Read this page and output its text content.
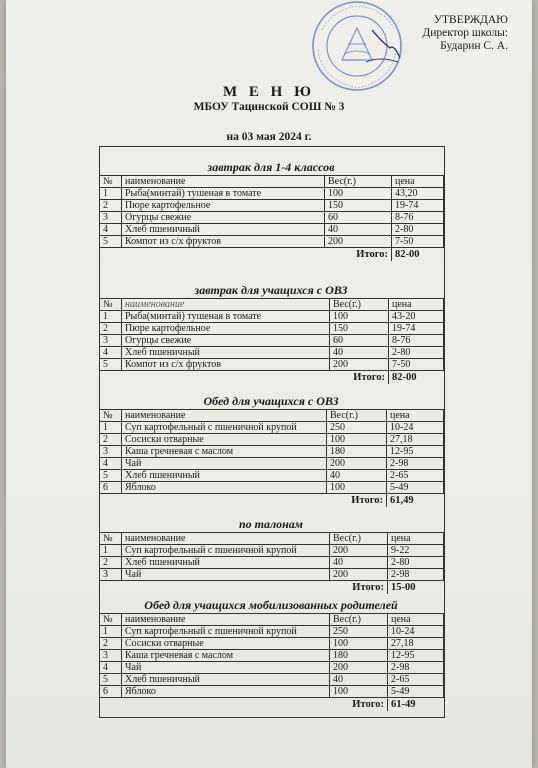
УТВЕРЖДАЮ
Директор школы:
Бударин С. А.
М Е Н Ю
МБОУ Тацинской СОШ № 3
на 03 мая 2024 г.
завтрак для 1-4 классов
№	наименование	Вес(г.)	цена
1	Рыба(минтай) тушеная в томате	100	43,20
2	Пюре картофельное	150	19-74
3	Огурцы свежие	60	8-76
4	Хлеб пшеничный	40	2-80
5	Компот из с/х фруктов	200	7-50
Итого:			82-00
завтрак для учащихся с ОВЗ
№	наименование	Вес(г.)	цена
1	Рыба(минтай) тушеная в томате	100	43-20
2	Пюре картофельное	150	19-74
3	Огурцы свежие	60	8-76
4	Хлеб пшеничный	40	2-80
5	Компот из с/х фруктов	200	7-50
Итого:			82-00
Обед для учащихся с ОВЗ
№	наименование	Вес(г.)	цена
1	Суп картофельный с пшеничной крупой	250	10-24
2	Сосиски отварные	100	27,18
3	Каша гречневая с маслом	180	12-95
4	Чай	200	2-98
5	Хлеб пшеничный	40	2-65
6	Яблоко	100	5-49
Итого:			61,49
по талонам
№	наименование	Вес(г.)	цена
1	Суп картофельный с пшеничной крупой	200	9-22
2	Хлеб пшеничный	40	2-80
3	Чай	200	2-98
Итого:			15-00
Обед для учащихся мобилизованных родителей
№	наименование	Вес(г.)	цена
1	Суп картофельный с пшеничной крупой	250	10-24
2	Сосиски отварные	100	27,18
3	Каша гречневая с маслом	180	12-95
4	Чай	200	2-98
5	Хлеб пшеничный	40	2-65
6	Яблоко	100	5-49
Итого:			61-49
